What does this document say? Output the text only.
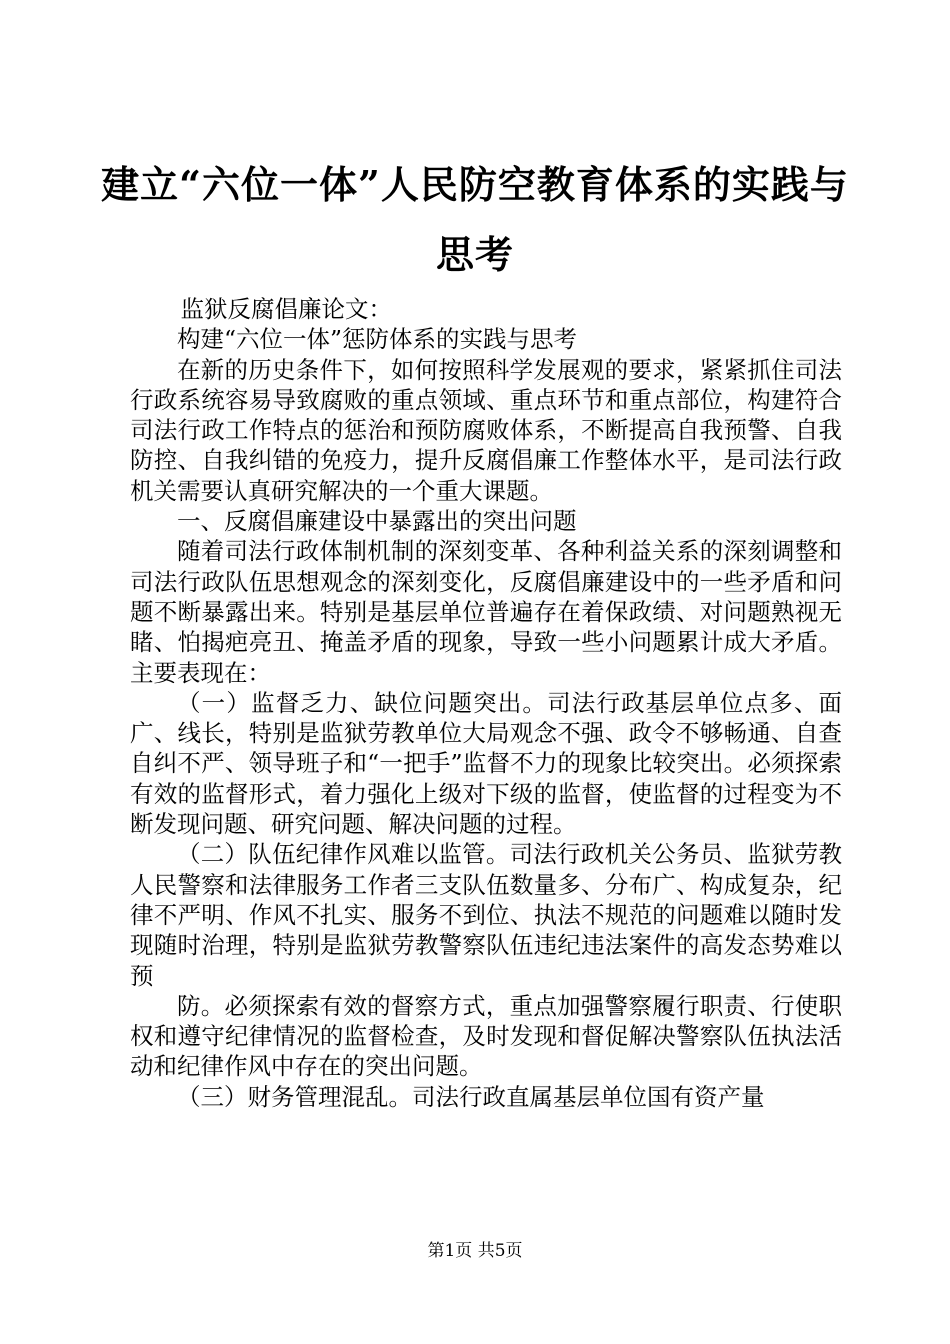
建立“六位一体”人民防空教育体系的实践与思考

监狱反腐倡廉论文：

构建“六位一体”惩防体系的实践与思考

在新的历史条件下，如何按照科学发展观的要求，紧紧抓住司法行政系统容易导致腐败的重点领域、重点环节和重点部位，构建符合司法行政工作特点的惩治和预防腐败体系，不断提高自我预警、自我防控、自我纠错的免疫力，提升反腐倡廉工作整体水平，是司法行政机关需要认真研究解决的一个重大课题。

一、反腐倡廉建设中暴露出的突出问题

随着司法行政体制机制的深刻变革、各种利益关系的深刻调整和司法行政队伍思想观念的深刻变化，反腐倡廉建设中的一些矛盾和问题不断暴露出来。特别是基层单位普遍存在着保政绩、对问题熟视无睹、怕揭疤亮丑、掩盖矛盾的现象，导致一些小问题累计成大矛盾。主要表现在：

（一）监督乏力、缺位问题突出。司法行政基层单位点多、面广、线长，特别是监狱劳教单位大局观念不强、政令不够畅通、自查自纠不严、领导班子和“一把手”监督不力的现象比较突出。必须探索有效的监督形式，着力强化上级对下级的监督，使监督的过程变为不断发现问题、研究问题、解决问题的过程。

（二）队伍纪律作风难以监管。司法行政机关公务员、监狱劳教人民警察和法律服务工作者三支队伍数量多、分布广、构成复杂，纪律不严明、作风不扎实、服务不到位、执法不规范的问题难以随时发现随时治理，特别是监狱劳教警察队伍违纪违法案件的高发态势难以预

防。必须探索有效的督察方式，重点加强警察履行职责、行使职权和遵守纪律情况的监督检查，及时发现和督促解决警察队伍执法活动和纪律作风中存在的突出问题。

（三）财务管理混乱。司法行政直属基层单位国有资产量

第1页 共5页
